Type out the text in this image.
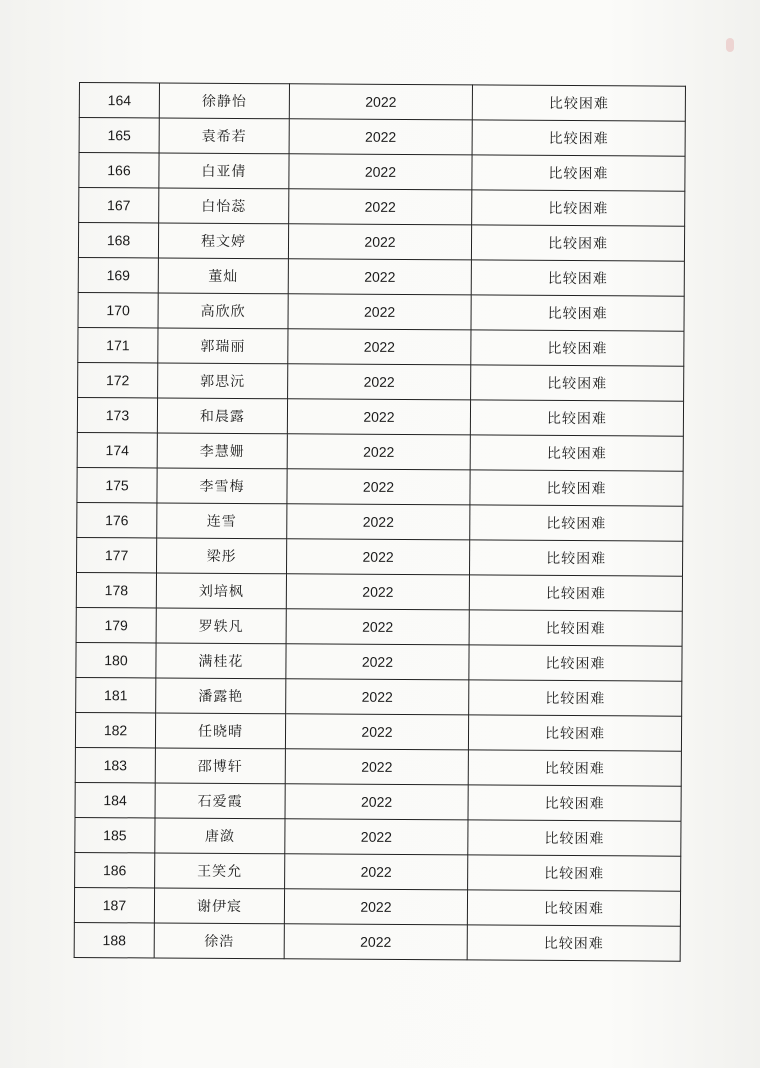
164	徐静怡	2022	比较困难
165	袁希若	2022	比较困难
166	白亚倩	2022	比较困难
167	白怡蕊	2022	比较困难
168	程文婷	2022	比较困难
169	董灿	2022	比较困难
170	高欣欣	2022	比较困难
171	郭瑞丽	2022	比较困难
172	郭思沅	2022	比较困难
173	和晨露	2022	比较困难
174	李慧姗	2022	比较困难
175	李雪梅	2022	比较困难
176	连雪	2022	比较困难
177	梁彤	2022	比较困难
178	刘培枫	2022	比较困难
179	罗轶凡	2022	比较困难
180	满桂花	2022	比较困难
181	潘露艳	2022	比较困难
182	任晓晴	2022	比较困难
183	邵博轩	2022	比较困难
184	石爱霞	2022	比较困难
185	唐潋	2022	比较困难
186	王笑允	2022	比较困难
187	谢伊宸	2022	比较困难
188	徐浩	2022	比较困难
